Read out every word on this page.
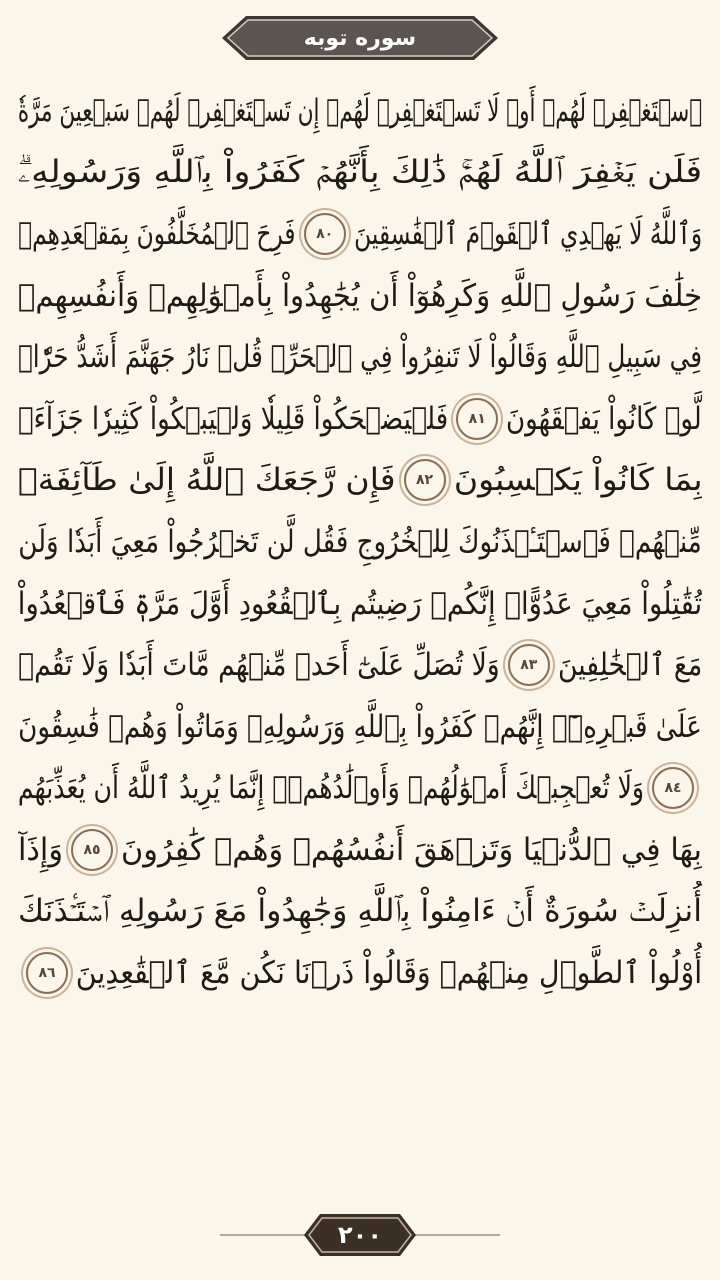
سوره توبه
ٱسۡتَغۡفِرۡ لَهُمۡ أَوۡ لَا تَسۡتَغۡفِرۡ لَهُمۡ إِن تَسۡتَغۡفِرۡ لَهُمۡ سَبۡعِينَ مَرَّةٗ
فَلَن يَغۡفِرَ ٱللَّهُ لَهُمۡۚ ذَٰلِكَ بِأَنَّهُمۡ كَفَرُواْ بِٱللَّهِ وَرَسُولِهِۦۗ
وَٱللَّهُ لَا يَهۡدِي ٱلۡقَوۡمَ ٱلۡفَٰسِقِينَ
٨٠
فَرِحَ ٱلۡمُخَلَّفُونَ بِمَقۡعَدِهِمۡ
خِلَٰفَ رَسُولِ ٱللَّهِ وَكَرِهُوٓاْ أَن يُجَٰهِدُواْ بِأَمۡوَٰلِهِمۡ وَأَنفُسِهِمۡ
فِي سَبِيلِ ٱللَّهِ وَقَالُواْ لَا تَنفِرُواْ فِي ٱلۡحَرِّۗ قُلۡ نَارُ جَهَنَّمَ أَشَدُّ حَرّٗاۚ
لَّوۡ كَانُواْ يَفۡقَهُونَ
٨١
فَلۡيَضۡحَكُواْ قَلِيلٗا وَلۡيَبۡكُواْ كَثِيرٗا جَزَآءَۢ
بِمَا كَانُواْ يَكۡسِبُونَ
٨٢
فَإِن رَّجَعَكَ ٱللَّهُ إِلَىٰ طَآئِفَةٖ
مِّنۡهُمۡ فَٱسۡتَـٔۡذَنُوكَ لِلۡخُرُوجِ فَقُل لَّن تَخۡرُجُواْ مَعِيَ أَبَدٗا وَلَن
تُقَٰتِلُواْ مَعِيَ عَدُوًّاۖ إِنَّكُمۡ رَضِيتُم بِٱلۡقُعُودِ أَوَّلَ مَرَّةٖ فَٱقۡعُدُواْ
مَعَ ٱلۡخَٰلِفِينَ
٨٣
وَلَا تُصَلِّ عَلَىٰٓ أَحَدٖ مِّنۡهُم مَّاتَ أَبَدٗا وَلَا تَقُمۡ
عَلَىٰ قَبۡرِهِۦٓۖ إِنَّهُمۡ كَفَرُواْ بِٱللَّهِ وَرَسُولِهِۦ وَمَاتُواْ وَهُمۡ فَٰسِقُونَ
٨٤
وَلَا تُعۡجِبۡكَ أَمۡوَٰلُهُمۡ وَأَوۡلَٰدُهُمۡۚ إِنَّمَا يُرِيدُ ٱللَّهُ أَن يُعَذِّبَهُم
بِهَا فِي ٱلدُّنۡيَا وَتَزۡهَقَ أَنفُسُهُمۡ وَهُمۡ كَٰفِرُونَ
٨٥
وَإِذَآ
أُنزِلَتۡ سُورَةٌ أَنۡ ءَامِنُواْ بِٱللَّهِ وَجَٰهِدُواْ مَعَ رَسُولِهِ ٱسۡتَـٔۡذَنَكَ
أُوْلُواْ ٱلطَّوۡلِ مِنۡهُمۡ وَقَالُواْ ذَرۡنَا نَكُن مَّعَ ٱلۡقَٰعِدِينَ
٨٦
٢٠٠
